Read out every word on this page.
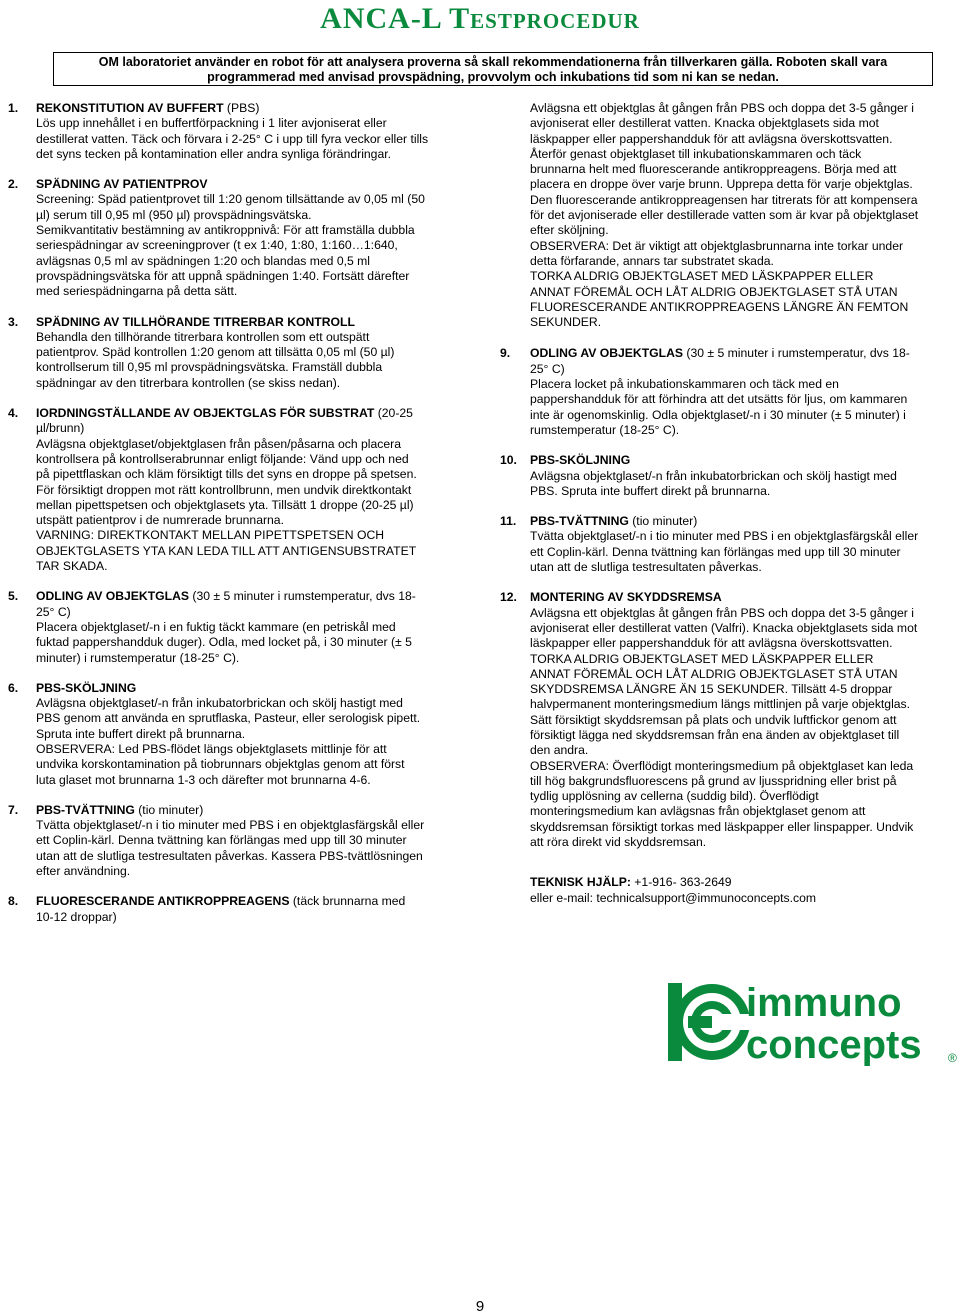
ANCA-L Testprocedur
OM laboratoriet använder en robot för att analysera proverna så skall rekommendationerna från tillverkaren gälla. Roboten skall vara
programmerad med anvisad provspädning, provvolym och inkubations tid som ni kan se nedan.
1. REKONSTITUTION AV BUFFERT (PBS)
Lös upp innehållet i en buffertförpackning i 1 liter avjoniserat eller
destillerat vatten. Täck och förvara i 2-25° C i upp till fyra veckor eller tills
det syns tecken på kontamination eller andra synliga förändringar.
2. SPÄDNING AV PATIENTPROV
Screening: Späd patientprovet till 1:20 genom tillsättande av 0,05 ml (50
µl) serum till 0,95 ml (950 µl) provspädningsvätska.
Semikvantitativ bestämning av antikroppnivå: För att framställa dubbla
seriespädningar av screeningprover (t ex 1:40, 1:80, 1:160…1:640,
avlägsnas 0,5 ml av spädningen 1:20 och blandas med 0,5 ml
provspädningsvätska för att uppnå spädningen 1:40. Fortsätt därefter
med seriespädningarna på detta sätt.
3. SPÄDNING AV TILLHÖRANDE TITRERBAR KONTROLL
Behandla den tillhörande titrerbara kontrollen som ett outspätt
patientprov. Späd kontrollen 1:20 genom att tillsätta 0,05 ml (50 µl)
kontrollserum till 0,95 ml provspädningsvätska. Framställ dubbla
spädningar av den titrerbara kontrollen (se skiss nedan).
4. IORDNINGSTÄLLANDE AV OBJEKTGLAS FÖR SUBSTRAT (20-25
µl/brunn)
Avlägsna objektglaset/objektglasen från påsen/påsarna och placera
kontrollsera på kontrollserabrunnar enligt följande: Vänd upp och ned
på pipettflaskan och kläm försiktigt tills det syns en droppe på spetsen.
För försiktigt droppen mot rätt kontrollbrunn, men undvik direktkontakt
mellan pipettspetsen och objektglasets yta. Tillsätt 1 droppe (20-25 µl)
utspätt patientprov i de numrerade brunnarna.
VARNING: DIREKTKONTAKT MELLAN PIPETTSPETSEN OCH
OBJEKTGLASETS YTA KAN LEDA TILL ATT ANTIGENSUBSTRATET
TAR SKADA.
5. ODLING AV OBJEKTGLAS (30 ± 5 minuter i rumstemperatur, dvs 18-
25° C)
Placera objektglaset/-n i en fuktig täckt kammare (en petriskål med
fuktad pappershandduk duger). Odla, med locket på, i 30 minuter (± 5
minuter) i rumstemperatur (18-25° C).
6. PBS-SKÖLJNING
Avlägsna objektglaset/-n från inkubatorbrickan och skölj hastigt med
PBS genom att använda en sprutflaska, Pasteur, eller serologisk pipett.
Spruta inte buffert direkt på brunnarna.
OBSERVERA: Led PBS-flödet längs objektglasets mittlinje för att
undvika korskontamination på tiobrunnars objektglas genom att först
luta glaset mot brunnarna 1-3 och därefter mot brunnarna 4-6.
7. PBS-TVÄTTNING (tio minuter)
Tvätta objektglaset/-n i tio minuter med PBS i en objektglasfärgskål eller
ett Coplin-kärl. Denna tvättning kan förlängas med upp till 30 minuter
utan att de slutliga testresultaten påverkas. Kassera PBS-tvättlösningen
efter användning.
8. FLUORESCERANDE ANTIKROPPREAGENS (täck brunnarna med
10-12 droppar)
Avlägsna ett objektglas åt gången från PBS och doppa det 3-5 gånger i
avjoniserat eller destillerat vatten. Knacka objektglasets sida mot
läskpapper eller pappershandduk för att avlägsna överskottsvatten.
Återför genast objektglaset till inkubationskammaren och täck
brunnarna helt med fluorescerande antikroppreagens. Börja med att
placera en droppe över varje brunn. Upprepa detta för varje objektglas.
Den fluorescerande antikroppreagensen har titrerats för att kompensera
för det avjoniserade eller destillerade vatten som är kvar på objektglaset
efter sköljning.
OBSERVERA: Det är viktigt att objektglasbrunnarna inte torkar under
detta förfarande, annars tar substratet skada.
TORKA ALDRIG OBJEKTGLASET MED LÄSKPAPPER ELLER
ANNAT FÖREMÅL OCH LÅT ALDRIG OBJEKTGLASET STÅ UTAN
FLUORESCERANDE ANTIKROPPREAGENS LÄNGRE ÄN FEMTON
SEKUNDER.
9. ODLING AV OBJEKTGLAS (30 ± 5 minuter i rumstemperatur, dvs 18-
25° C)
Placera locket på inkubationskammaren och täck med en
pappershandduk för att förhindra att det utsätts för ljus, om kammaren
inte är ogenomskinlig. Odla objektglaset/-n i 30 minuter (± 5 minuter) i
rumstemperatur (18-25° C).
10. PBS-SKÖLJNING
Avlägsna objektglaset/-n från inkubatorbrickan och skölj hastigt med
PBS. Spruta inte buffert direkt på brunnarna.
11. PBS-TVÄTTNING (tio minuter)
Tvätta objektglaset/-n i tio minuter med PBS i en objektglasfärgskål eller
ett Coplin-kärl. Denna tvättning kan förlängas med upp till 30 minuter
utan att de slutliga testresultaten påverkas.
12. MONTERING AV SKYDDSREMSA
Avlägsna ett objektglas åt gången från PBS och doppa det 3-5 gånger i
avjoniserat eller destillerat vatten (Valfri). Knacka objektglasets sida mot
läskpapper eller pappershandduk för att avlägsna överskottsvatten.
TORKA ALDRIG OBJEKTGLASET MED LÄSKPAPPER ELLER
ANNAT FÖREMÅL OCH LÅT ALDRIG OBJEKTGLASET STÅ UTAN
SKYDDSREMSA LÄNGRE ÄN 15 SEKUNDER. Tillsätt 4-5 droppar
halvpermanent monteringsmedium längs mittlinjen på varje objektglas.
Sätt försiktigt skyddsremsan på plats och undvik luftfickor genom att
försiktigt lägga ned skyddsremsan från ena änden av objektglaset till
den andra.
OBSERVERA: Överflödigt monteringsmedium på objektglaset kan leda
till hög bakgrundsfluorescens på grund av ljusspridning eller brist på
tydlig upplösning av cellerna (suddig bild). Överflödigt
monteringsmedium kan avlägsnas från objektglaset genom att
skyddsremsan försiktigt torkas med läskpapper eller linspapper. Undvik
att röra direkt vid skyddsremsan.
TEKNISK HJÄLP: +1-916- 363-2649
eller e-mail: technicalsupport@immunoconcepts.com
immuno
concepts ®
9
